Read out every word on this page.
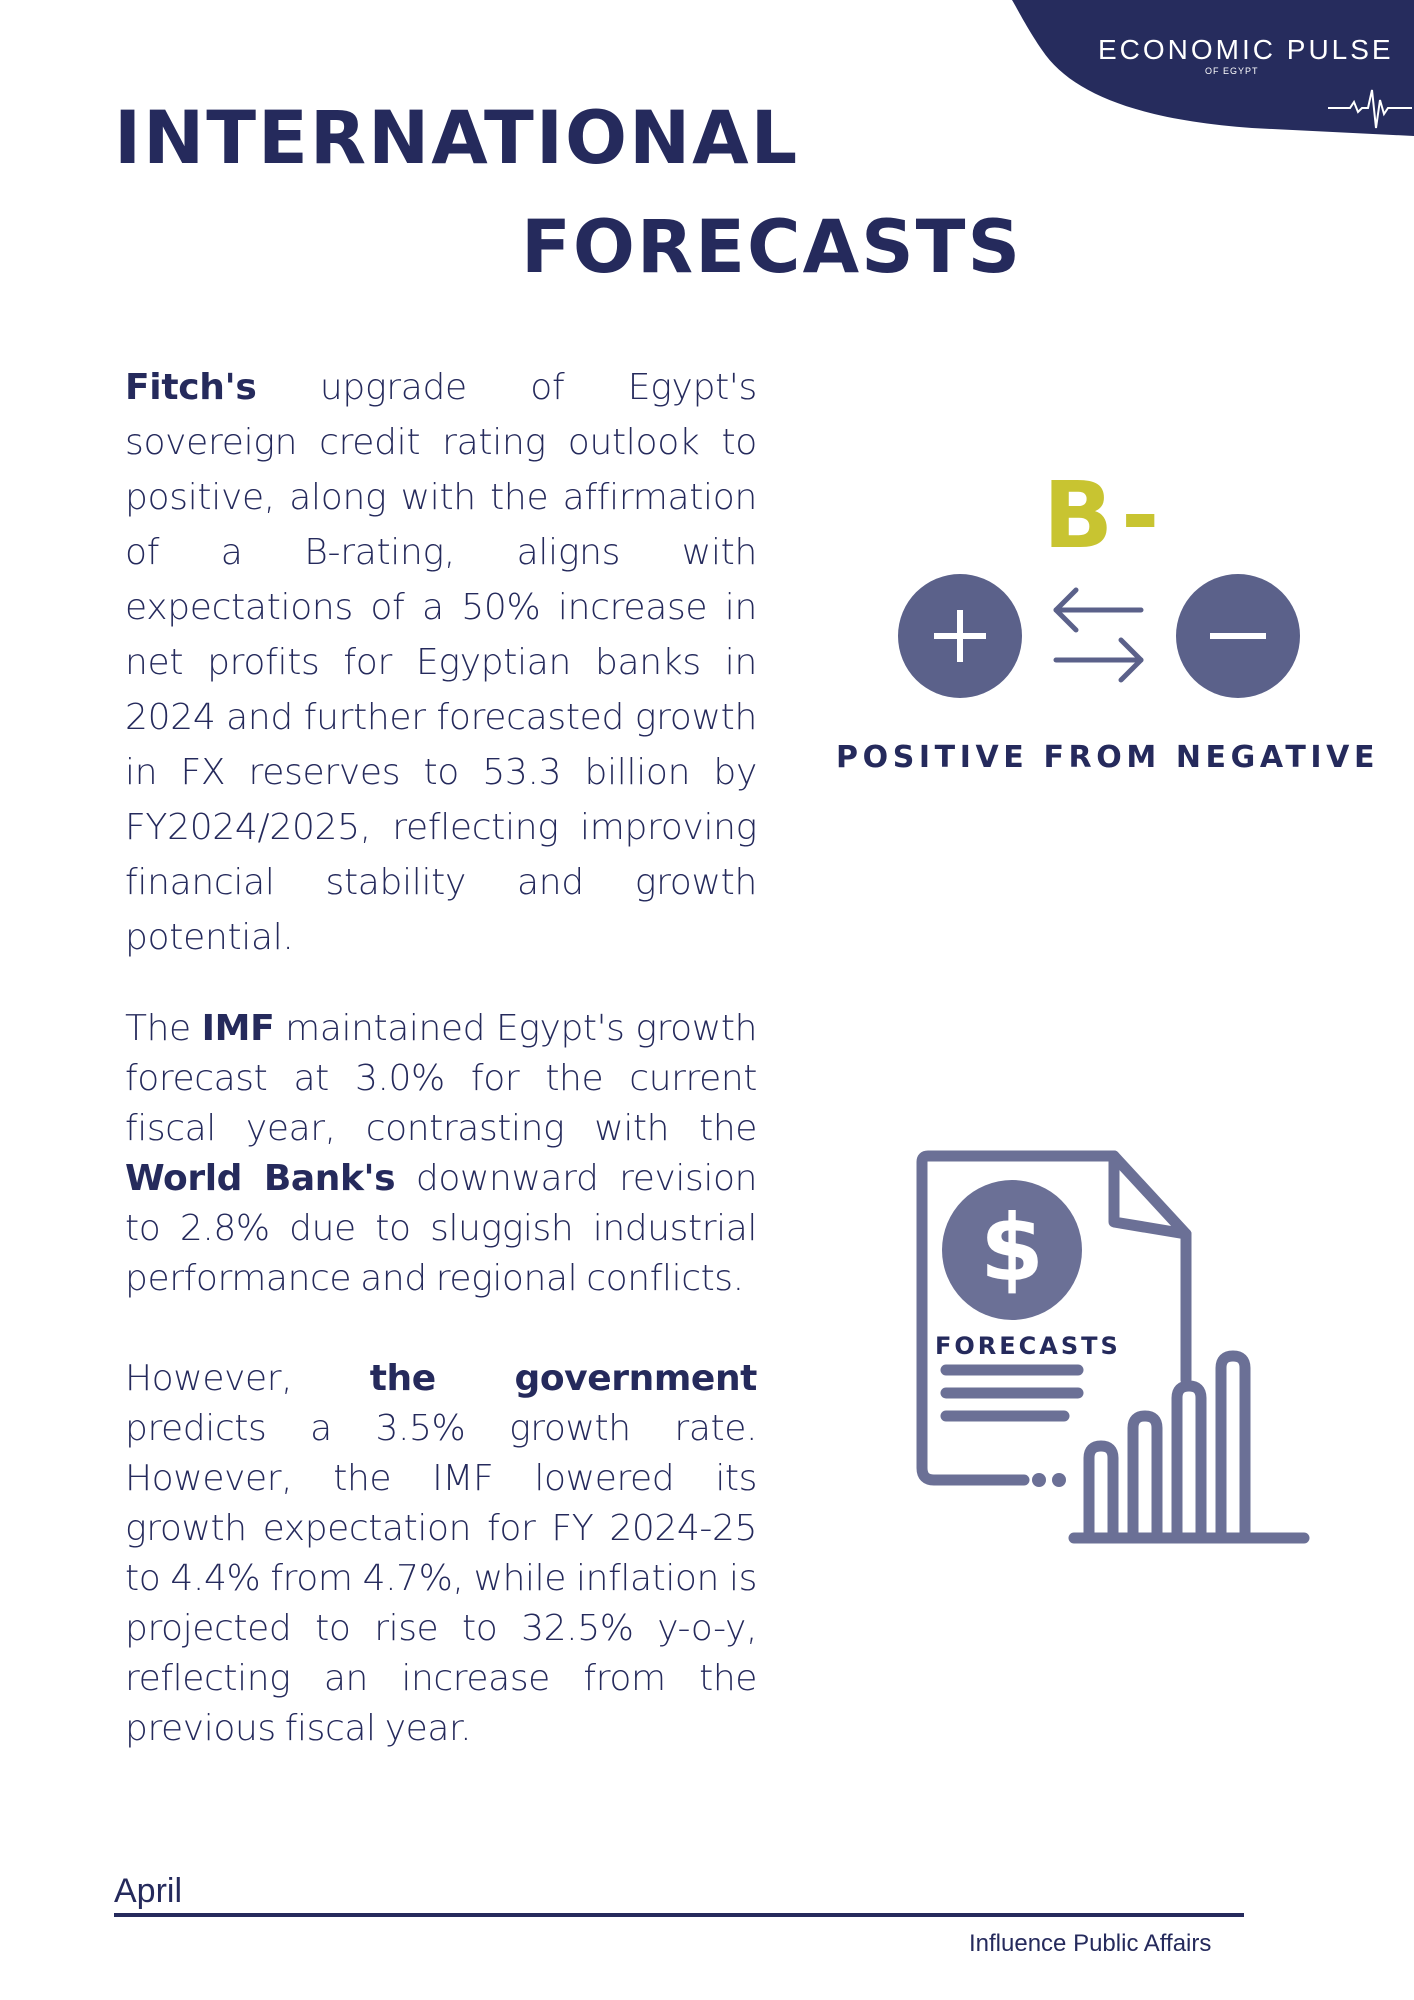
ECONOMIC PULSE
OF EGYPT
INTERNATIONAL
FORECASTS

Fitch's upgrade of Egypt's sovereign credit rating outlook to positive, along with the affirmation of a B-rating, aligns with expectations of a 50% increase in net profits for Egyptian banks in 2024 and further forecasted growth in FX reserves to 53.3 billion by FY2024/2025, reflecting improving financial stability and growth potential.

The IMF maintained Egypt's growth forecast at 3.0% for the current fiscal year, contrasting with the World Bank's downward revision to 2.8% due to sluggish industrial performance and regional conflicts.

However, the government predicts a 3.5% growth rate. However, the IMF lowered its growth expectation for FY 2024-25 to 4.4% from 4.7%, while inflation is projected to rise to 32.5% y-o-y, reflecting an increase from the previous fiscal year.

B-
POSITIVE FROM NEGATIVE
$
FORECASTS
April
Influence Public Affairs
